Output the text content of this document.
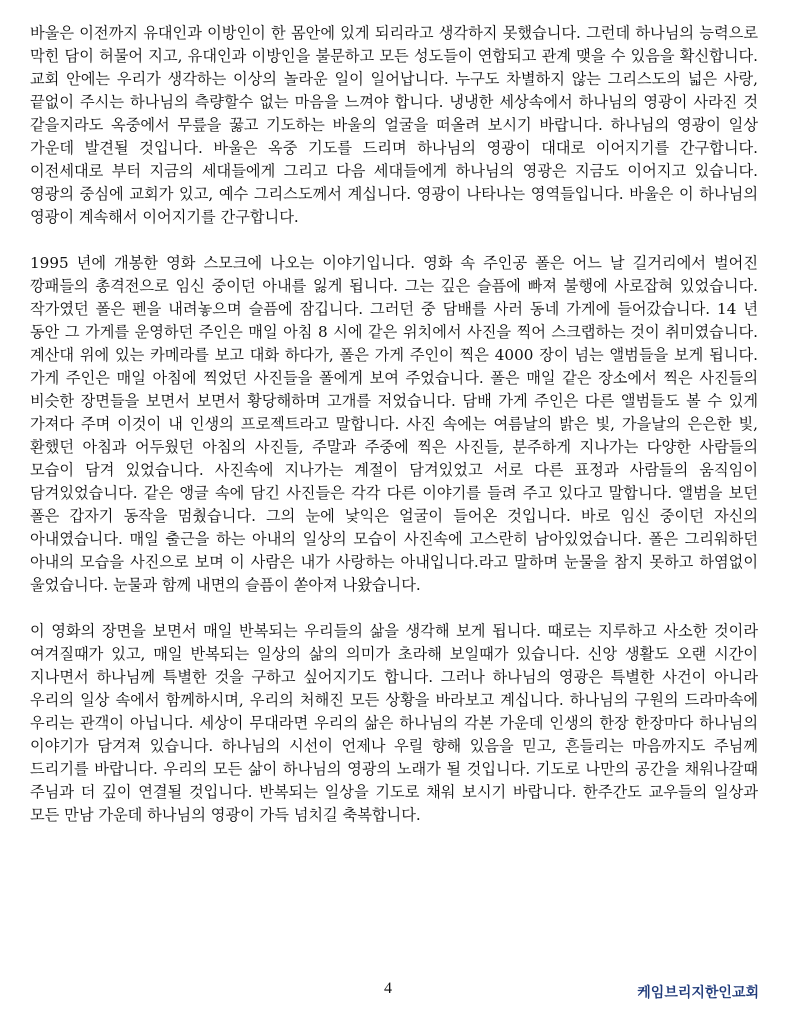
바울은 이전까지 유대인과 이방인이 한 몸안에 있게 되리라고 생각하지 못했습니다. 그런데 하나님의 능력으로 막힌 담이 허물어 지고, 유대인과 이방인을 불문하고 모든 성도들이 연합되고 관계 맺을 수 있음을 확신합니다. 교회 안에는 우리가 생각하는 이상의 놀라운 일이 일어납니다. 누구도 차별하지 않는 그리스도의 넓은 사랑, 끝없이 주시는 하나님의 측량할수 없는 마음을 느껴야 합니다. 냉냉한 세상속에서 하나님의 영광이 사라진 것 같을지라도 옥중에서 무릎을 꿇고 기도하는 바울의 얼굴을 떠올려 보시기 바랍니다. 하나님의 영광이 일상 가운데 발견될 것입니다. 바울은 옥중 기도를 드리며 하나님의 영광이 대대로 이어지기를 간구합니다. 이전세대로 부터 지금의 세대들에게 그리고 다음 세대들에게 하나님의 영광은 지금도 이어지고 있습니다. 영광의 중심에 교회가 있고, 예수 그리스도께서 계십니다. 영광이 나타나는 영역들입니다. 바울은 이 하나님의 영광이 계속해서 이어지기를 간구합니다.

1995 년에 개봉한 영화 스모크에 나오는 이야기입니다. 영화 속 주인공 폴은 어느 날 길거리에서 벌어진 깡패들의 총격전으로 임신 중이던 아내를 잃게 됩니다. 그는 깊은 슬픔에 빠져 불행에 사로잡혀 있었습니다. 작가였던 폴은 펜을 내려놓으며 슬픔에 잠깁니다. 그러던 중 담배를 사러 동네 가게에 들어갔습니다. 14 년 동안 그 가게를 운영하던 주인은 매일 아침 8 시에 같은 위치에서 사진을 찍어 스크랩하는 것이 취미였습니다. 계산대 위에 있는 카메라를 보고 대화 하다가, 폴은 가게 주인이 찍은 4000 장이 넘는 앨범들을 보게 됩니다. 가게 주인은 매일 아침에 찍었던 사진들을 폴에게 보여 주었습니다. 폴은 매일 같은 장소에서 찍은 사진들의 비슷한 장면들을 보면서 보면서 황당해하며 고개를 저었습니다. 담배 가게 주인은 다른 앨범들도 볼 수 있게 가져다 주며 이것이 내 인생의 프로젝트라고 말합니다. 사진 속에는 여름날의 밝은 빛, 가을날의 은은한 빛, 환했던 아침과 어두웠던 아침의 사진들, 주말과 주중에 찍은 사진들, 분주하게 지나가는 다양한 사람들의 모습이 담겨 있었습니다. 사진속에 지나가는 계절이 담겨있었고 서로 다른 표정과 사람들의 움직임이 담겨있었습니다. 같은 앵글 속에 담긴 사진들은 각각 다른 이야기를 들려 주고 있다고 말합니다. 앨범을 보던 폴은 갑자기 동작을 멈췄습니다. 그의 눈에 낯익은 얼굴이 들어온 것입니다. 바로 임신 중이던 자신의 아내였습니다. 매일 출근을 하는 아내의 일상의 모습이 사진속에 고스란히 남아있었습니다. 폴은 그리워하던 아내의 모습을 사진으로 보며 이 사람은 내가 사랑하는 아내입니다.라고 말하며 눈물을 참지 못하고 하염없이 울었습니다. 눈물과 함께 내면의 슬픔이 쏟아져 나왔습니다.

이 영화의 장면을 보면서 매일 반복되는 우리들의 삶을 생각해 보게 됩니다. 때로는 지루하고 사소한 것이라 여겨질때가 있고, 매일 반복되는 일상의 삶의 의미가 초라해 보일때가 있습니다. 신앙 생활도 오랜 시간이 지나면서 하나님께 특별한 것을 구하고 싶어지기도 합니다. 그러나 하나님의 영광은 특별한 사건이 아니라 우리의 일상 속에서 함께하시며, 우리의 처해진 모든 상황을 바라보고 계십니다. 하나님의 구원의 드라마속에 우리는 관객이 아닙니다. 세상이 무대라면 우리의 삶은 하나님의 각본 가운데 인생의 한장 한장마다 하나님의 이야기가 담겨져 있습니다. 하나님의 시선이 언제나 우릴 향해 있음을 믿고, 흔들리는 마음까지도 주님께 드리기를 바랍니다. 우리의 모든 삶이 하나님의 영광의 노래가 될 것입니다. 기도로 나만의 공간을 채워나갈때 주님과 더 깊이 연결될 것입니다. 반복되는 일상을 기도로 채워 보시기 바랍니다. 한주간도 교우들의 일상과 모든 만남 가운데 하나님의 영광이 가득 넘치길 축복합니다.

4	케임브리지한인교회
